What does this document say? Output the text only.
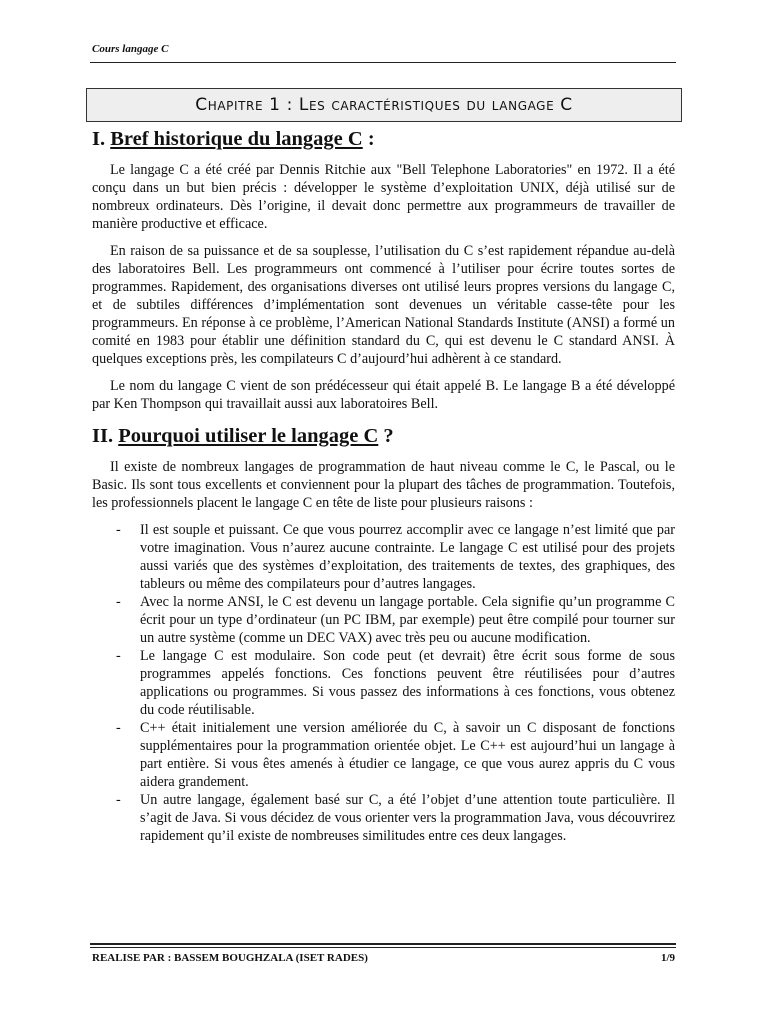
Cours langage C
Chapitre 1 : Les caractéristiques du langage C
I. Bref historique du langage C :

Le langage C a été créé par Dennis Ritchie aux "Bell Telephone Laboratories" en 1972. Il a été conçu dans un but bien précis : développer le système d’exploitation UNIX, déjà utilisé sur de nombreux ordinateurs. Dès l’origine, il devait donc permettre aux programmeurs de travailler de manière productive et efficace.

En raison de sa puissance et de sa souplesse, l’utilisation du C s’est rapidement répandue au-delà des laboratoires Bell. Les programmeurs ont commencé à l’utiliser pour écrire toutes sortes de programmes. Rapidement, des organisations diverses ont utilisé leurs propres versions du langage C, et de subtiles différences d’implémentation sont devenues un véritable casse-tête pour les programmeurs. En réponse à ce problème, l’American National Standards Institute (ANSI) a formé un comité en 1983 pour établir une définition standard du C, qui est devenu le C standard ANSI. À quelques exceptions près, les compilateurs C d’aujourd’hui adhèrent à ce standard.

Le nom du langage C vient de son prédécesseur qui était appelé B. Le langage B a été développé par Ken Thompson qui travaillait aussi aux laboratoires Bell.

II. Pourquoi utiliser le langage C ?

Il existe de nombreux langages de programmation de haut niveau comme le C, le Pascal, ou le Basic. Ils sont tous excellents et conviennent pour la plupart des tâches de programmation. Toutefois, les professionnels placent le langage C en tête de liste pour plusieurs raisons :

- Il est souple et puissant. Ce que vous pourrez accomplir avec ce langage n’est limité que par votre imagination. Vous n’aurez aucune contrainte. Le langage C est utilisé pour des projets aussi variés que des systèmes d’exploitation, des traitements de textes, des graphiques, des tableurs ou même des compilateurs pour d’autres langages.
- Avec la norme ANSI, le C est devenu un langage portable. Cela signifie qu’un programme C écrit pour un type d’ordinateur (un PC IBM, par exemple) peut être compilé pour tourner sur un autre système (comme un DEC VAX) avec très peu ou aucune modification.
- Le langage C est modulaire. Son code peut (et devrait) être écrit sous forme de sous programmes appelés fonctions. Ces fonctions peuvent être réutilisées pour d’autres applications ou programmes. Si vous passez des informations à ces fonctions, vous obtenez du code réutilisable.
- C++ était initialement une version améliorée du C, à savoir un C disposant de fonctions supplémentaires pour la programmation orientée objet. Le C++ est aujourd’hui un langage à part entière. Si vous êtes amenés à étudier ce langage, ce que vous aurez appris du C vous aidera grandement.
- Un autre langage, également basé sur C, a été l’objet d’une attention toute particulière. Il s’agit de Java. Si vous décidez de vous orienter vers la programmation Java, vous découvrirez rapidement qu’il existe de nombreuses similitudes entre ces deux langages.
REALISE PAR : BASSEM BOUGHZALA (ISET RADES)	1/9
